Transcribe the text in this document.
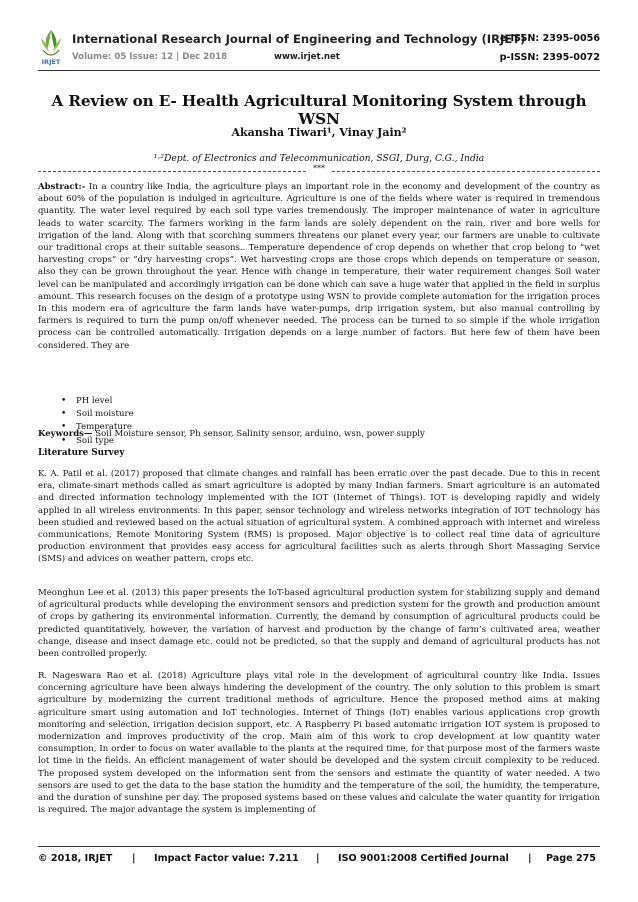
IRJET
International Research Journal of Engineering and Technology (IRJET)
e-ISSN: 2395-0056
Volume: 05 Issue: 12 | Dec 2018	www.irjet.net	p-ISSN: 2395-0072
A Review on E- Health Agricultural Monitoring System through WSN
Akansha Tiwari¹, Vinay Jain²
¹·²Dept. of Electronics and Telecommunication, SSGI, Durg, C.G., India
***
Abstract:- In a country like India, the agriculture plays an important role in the economy and development of the country as about 60% of the population is indulged in agriculture. Agriculture is one of the fields where water is required in tremendous quantity. The water level required by each soil type varies tremendously. The improper maintenance of water in agriculture leads to water scarcity. The farmers working in the farm lands are solely dependent on the rain, river and bore wells for irrigation of the land. Along with that scorching summers threatens our planet every year, our farmers are unable to cultivate our traditional crops at their suitable seasons.. Temperature dependence of crop depends on whether that crop belong to “wet harvesting crops” or “dry harvesting crops”. Wet harvesting crops are those crops which depends on temperature or season, also they can be grown throughout the year. Hence with change in temperature, their water requirement changes Soil water level can be manipulated and accordingly irrigation can be done which can save a huge water that applied in the field in surplus amount. This research focuses on the design of a prototype using WSN to provide complete automation for the irrigation proces In this modern era of agriculture the farm lands have water-pumps, drip irrigation system, but also manual controlling by farmers is required to turn the pump on/off whenever needed. The process can be turned to so simple if the whole irrigation process can be controlled automatically. Irrigation depends on a large number of factors. But here few of them have been considered. They are
• PH level
• Soil moisture
• Temperature
• Soil type
Keywords— Soil Moisture sensor, Ph sensor, Salinity sensor, arduino, wsn, power supply
Literature Survey
K. A. Patil et al. (2017) proposed that climate changes and rainfall has been erratic over the past decade. Due to this in recent era, climate-smart methods called as smart agriculture is adopted by many Indian farmers. Smart agriculture is an automated and directed information technology implemented with the IOT (Internet of Things). IOT is developing rapidly and widely applied in all wireless environments. In this paper, sensor technology and wireless networks integration of IOT technology has been studied and reviewed based on the actual situation of agricultural system. A combined approach with internet and wireless communications, Remote Monitoring System (RMS) is proposed. Major objective is to collect real time data of agriculture production environment that provides easy access for agricultural facilities such as alerts through Short Massaging Service (SMS) and advices on weather pattern, crops etc.
Meonghun Lee et al. (2013) this paper presents the IoT-based agricultural production system for stabilizing supply and demand of agricultural products while developing the environment sensors and prediction system for the growth and production amount of crops by gathering its environmental information. Currently, the demand by consumption of agricultural products could be predicted quantitatively, however, the variation of harvest and production by the change of farm’s cultivated area, weather change, disease and insect damage etc. could not be predicted, so that the supply and demand of agricultural products has not been controlled properly.
R. Nageswara Rao et al. (2018) Agriculture plays vital role in the development of agricultural country like India. Issues concerning agriculture have been always hindering the development of the country. The only solution to this problem is smart agriculture by modernizing the current traditional methods of agriculture. Hence the proposed method aims at making agriculture smart using automation and IoT technologies. Internet of Things (IoT) enables various applications crop growth monitoring and selection, irrigation decision support, etc. A Raspberry Pi based automatic irrigation IOT system is proposed to modernization and improves productivity of the crop. Main aim of this work to crop development at low quantity water consumption, In order to focus on water available to the plants at the required time, for that purpose most of the farmers waste lot time in the fields. An efficient management of water should be developed and the system circuit complexity to be reduced. The proposed system developed on the information sent from the sensors and estimate the quantity of water needed. A two sensors are used to get the data to the base station the humidity and the temperature of the soil, the humidity, the temperature, and the duration of sunshine per day. The proposed systems based on these values and calculate the water quantity for irrigation is required. The major advantage the system is implementing of
© 2018, IRJET | Impact Factor value: 7.211 | ISO 9001:2008 Certified Journal | Page 275
